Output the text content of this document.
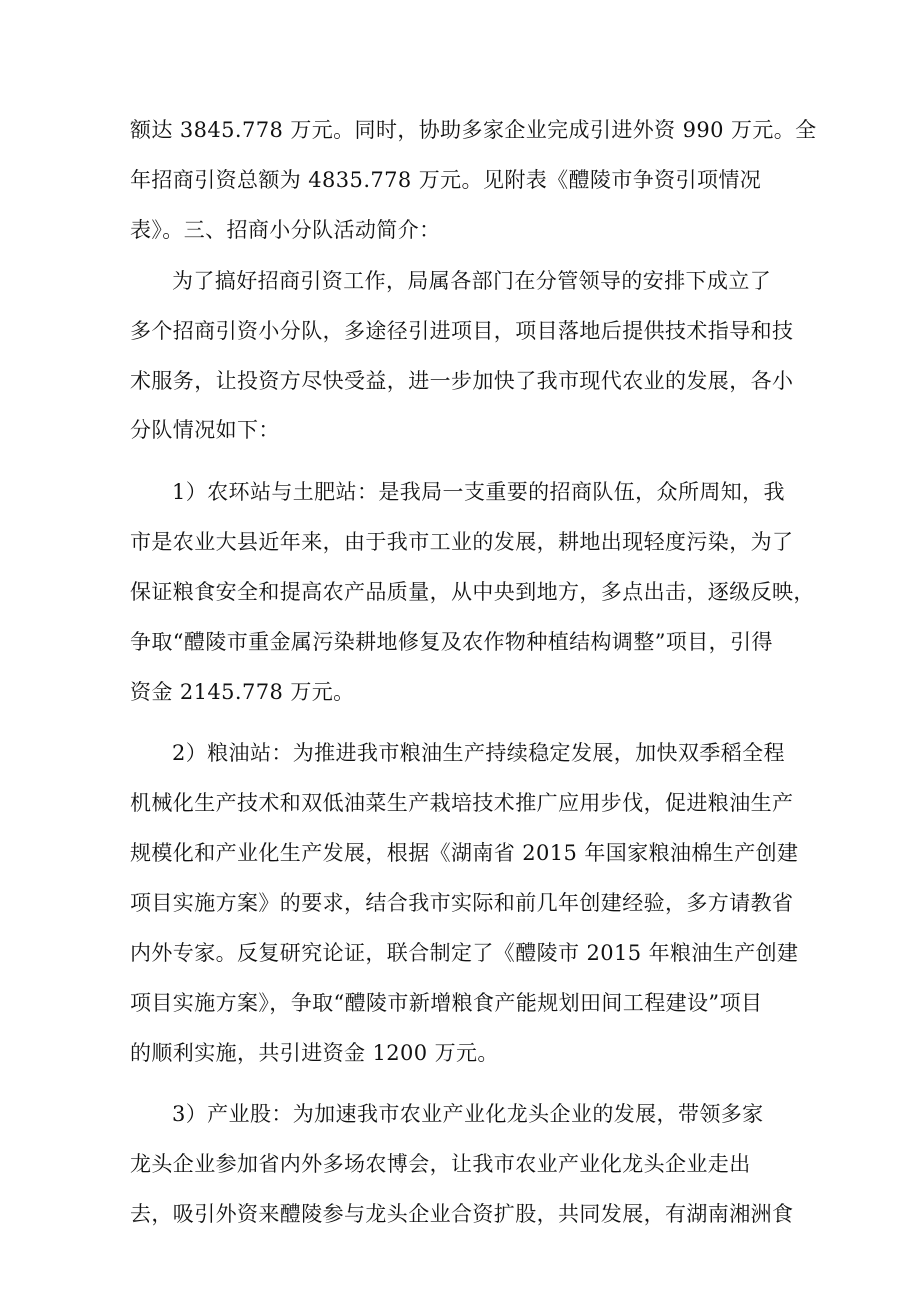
额达 3845.778 万元。同时，协助多家企业完成引进外资 990 万元。全
年招商引资总额为 4835.778 万元。见附表《醴陵市争资引项情况
表》。三、招商小分队活动简介：
为了搞好招商引资工作，局属各部门在分管领导的安排下成立了
多个招商引资小分队，多途径引进项目，项目落地后提供技术指导和技
术服务，让投资方尽快受益，进一步加快了我市现代农业的发展，各小
分队情况如下：
1）农环站与土肥站：是我局一支重要的招商队伍，众所周知，我
市是农业大县近年来，由于我市工业的发展，耕地出现轻度污染，为了
保证粮食安全和提高农产品质量，从中央到地方，多点出击，逐级反映，
争取“醴陵市重金属污染耕地修复及农作物种植结构调整”项目，引得
资金 2145.778 万元。
2）粮油站：为推进我市粮油生产持续稳定发展，加快双季稻全程
机械化生产技术和双低油菜生产栽培技术推广应用步伐，促进粮油生产
规模化和产业化生产发展，根据《湖南省 2015 年国家粮油棉生产创建
项目实施方案》的要求，结合我市实际和前几年创建经验，多方请教省
内外专家。反复研究论证，联合制定了《醴陵市 2015 年粮油生产创建
项目实施方案》，争取“醴陵市新增粮食产能规划田间工程建设”项目
的顺利实施，共引进资金 1200 万元。
3）产业股：为加速我市农业产业化龙头企业的发展，带领多家
龙头企业参加省内外多场农博会，让我市农业产业化龙头企业走出
去，吸引外资来醴陵参与龙头企业合资扩股，共同发展，有湖南湘洲食
